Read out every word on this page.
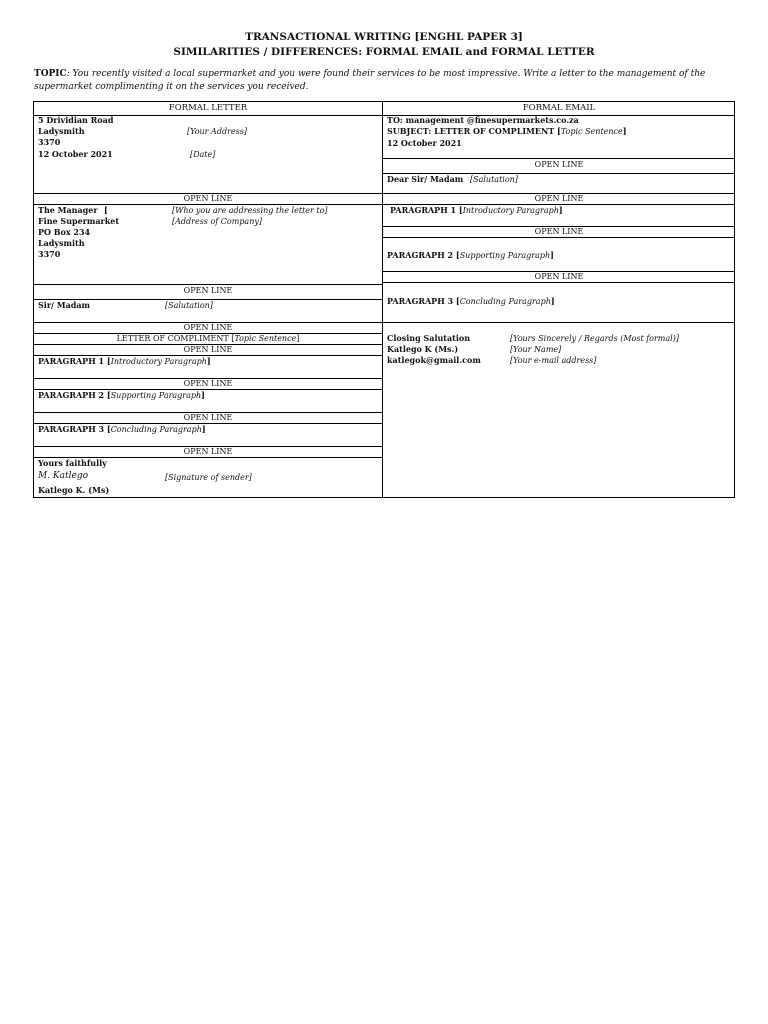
TRANSACTIONAL WRITING [ENGHL PAPER 3]
SIMILARITIES / DIFFERENCES: FORMAL EMAIL and FORMAL LETTER
TOPIC: You recently visited a local supermarket and you were found their services to be most impressive. Write a letter to the management of the supermarket complimenting it on the services you received.
FORMAL LETTER
5 Drividian Road
Ladysmith	[Your Address]
3370
12 October 2021	[Date]
OPEN LINE
The Manager [	[Who you are addressing the letter to]
Fine Supermarket	[Address of Company]
PO Box 234
Ladysmith
3370
OPEN LINE
Sir/ Madam	[Salutation]
OPEN LINE
LETTER OF COMPLIMENT [Topic Sentence]
OPEN LINE
PARAGRAPH 1 [Introductory Paragraph]
OPEN LINE
PARAGRAPH 2 [Supporting Paragraph]
OPEN LINE
PARAGRAPH 3 [Concluding Paragraph]
OPEN LINE
Yours faithfully
M. Katlego	[Signature of sender]
Katlego K. (Ms)
FORMAL EMAIL
TO: management @finesupermarkets.co.za
SUBJECT: LETTER OF COMPLIMENT [Topic Sentence]
12 October 2021
OPEN LINE
Dear Sir/ Madam [Salutation]
OPEN LINE
PARAGRAPH 1 [Introductory Paragraph]
OPEN LINE
PARAGRAPH 2 [Supporting Paragraph]
OPEN LINE
PARAGRAPH 3 [Concluding Paragraph]
Closing Salutation	[Yours Sincerely / Regards (Most formal)]
Katlego K (Ms.)	[Your Name]
katlegok@gmail.com	[Your e-mail address]
